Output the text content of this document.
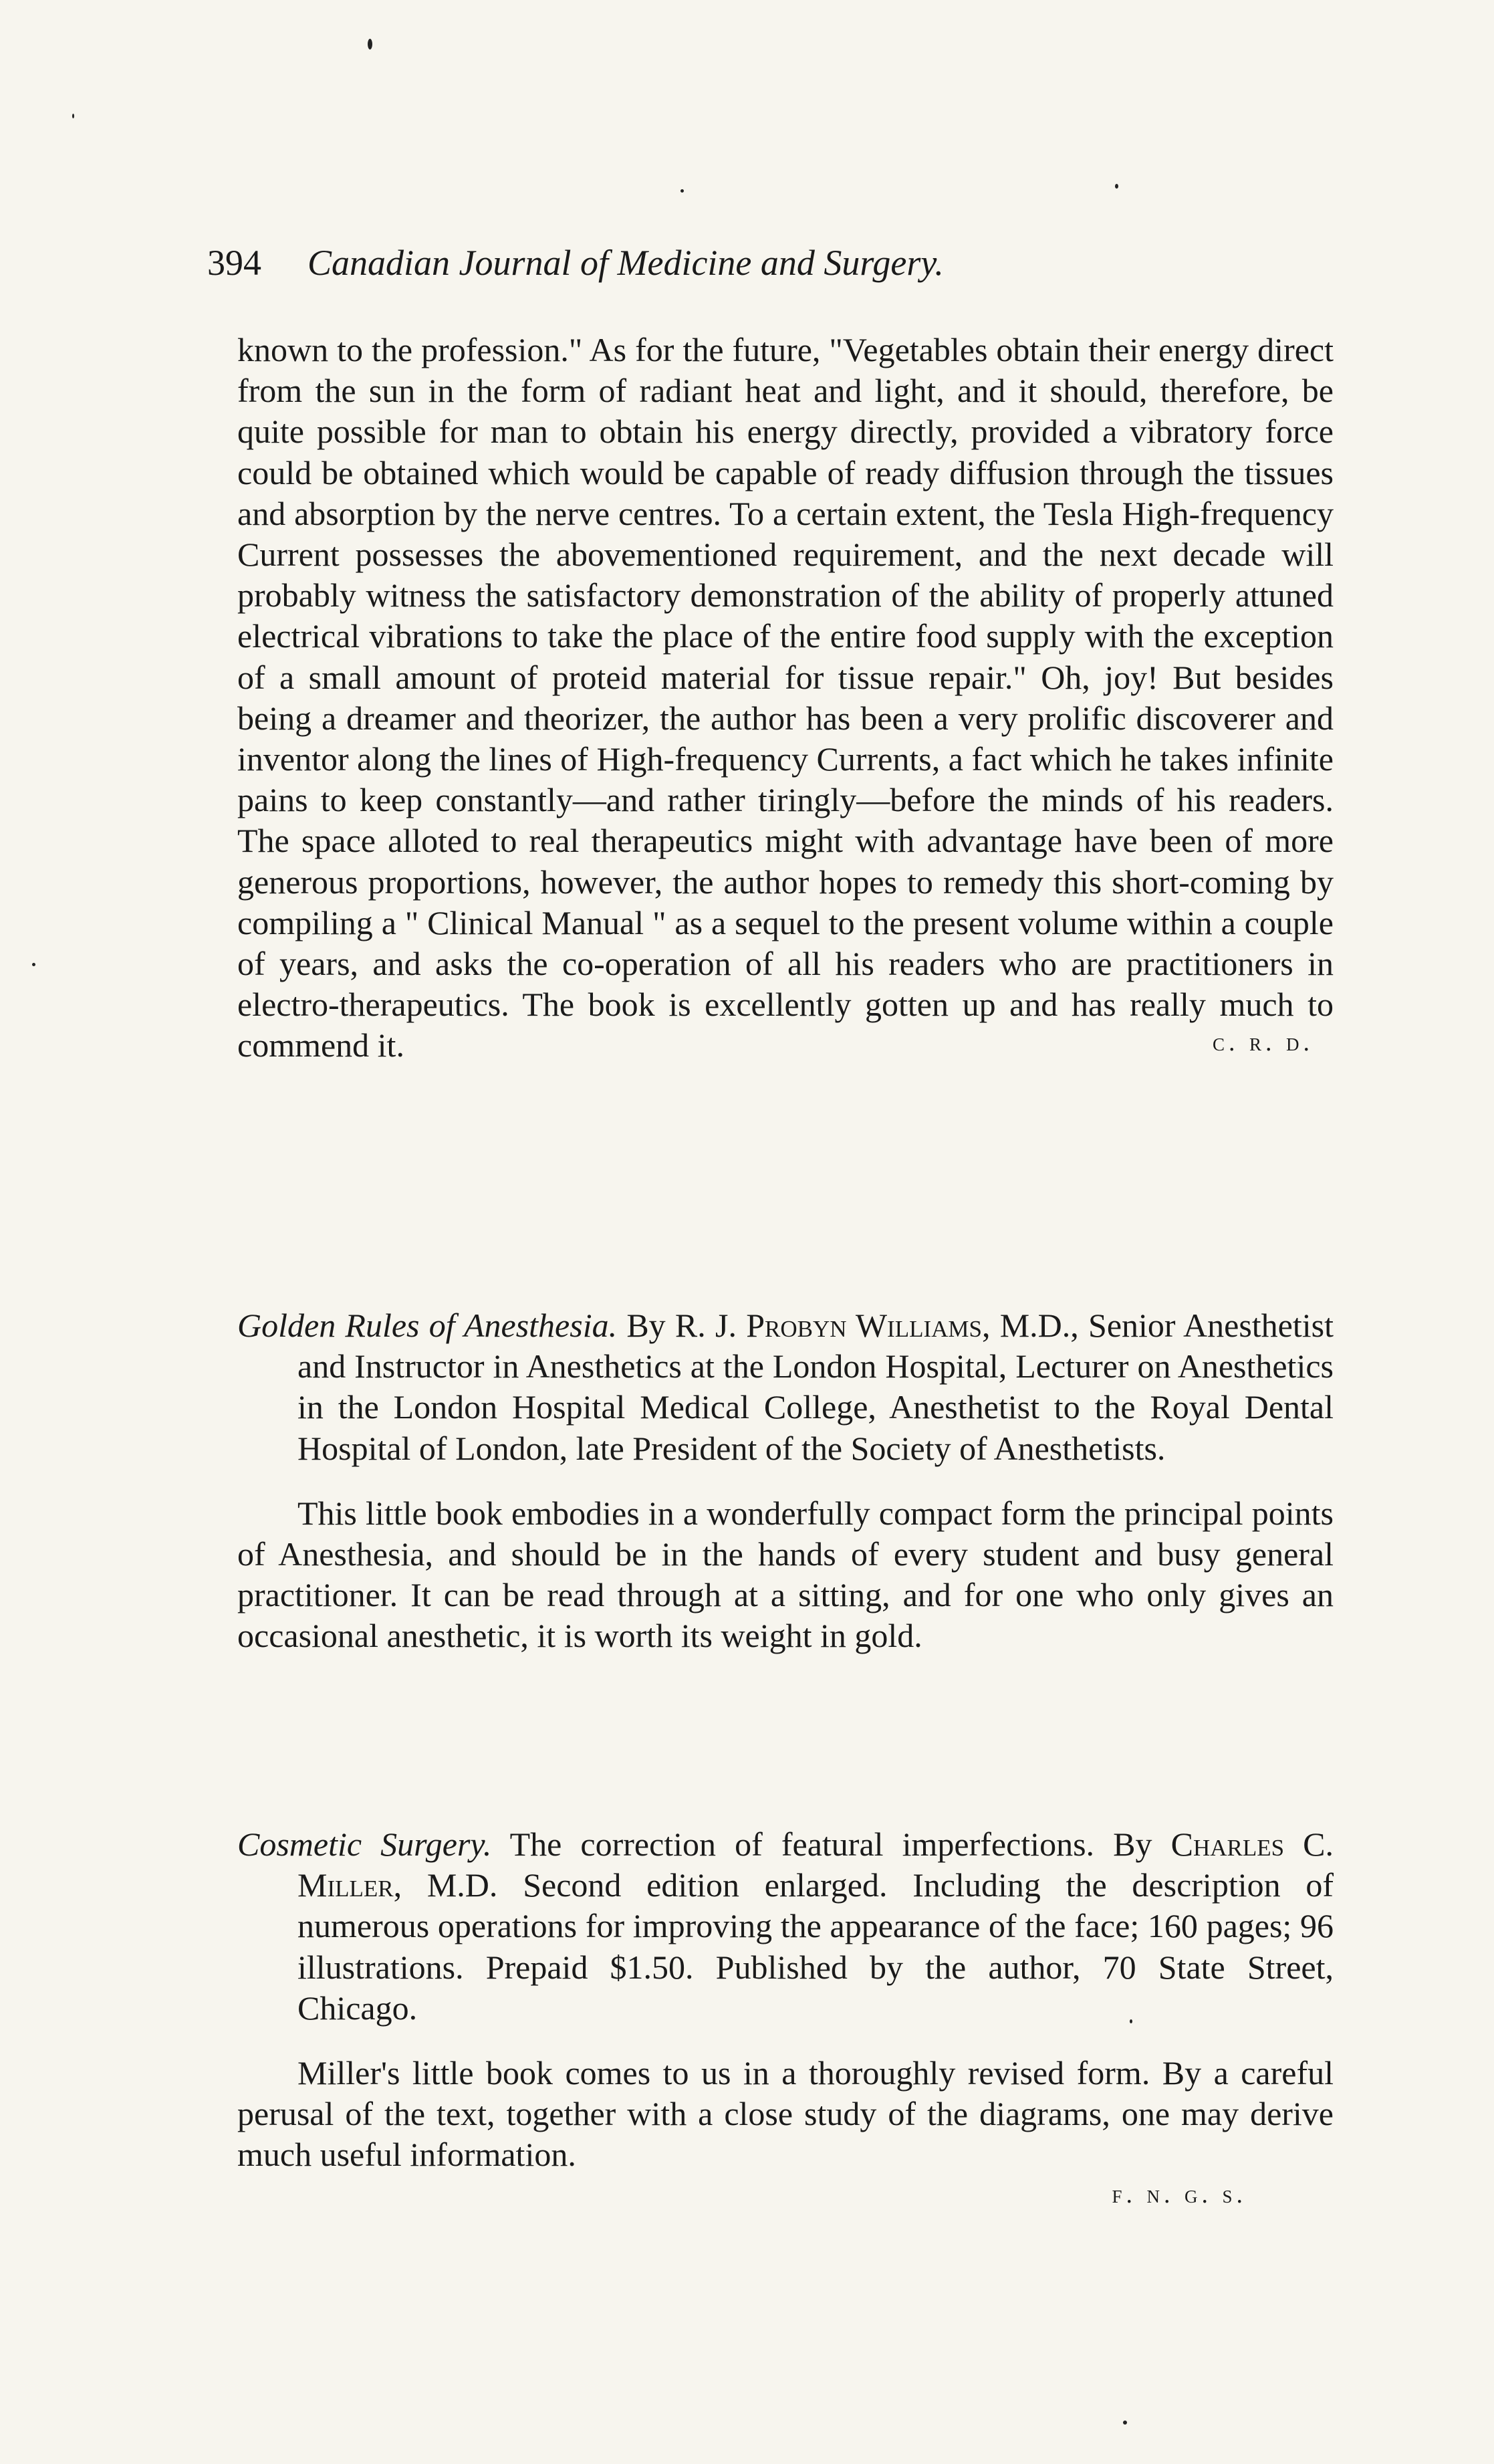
394 Canadian Journal of Medicine and Surgery.

known to the profession." As for the future, "Vegetables obtain their energy direct from the sun in the form of radiant heat and light, and it should, therefore, be quite possible for man to obtain his energy directly, provided a vibratory force could be obtained which would be capable of ready diffusion through the tissues and absorption by the nerve centres. To a certain extent, the Tesla High-frequency Current possesses the abovementioned requirement, and the next decade will probably witness the satisfactory demonstration of the ability of properly attuned electrical vibrations to take the place of the entire food supply with the exception of a small amount of proteid material for tissue repair." Oh, joy! But besides being a dreamer and theorizer, the author has been a very prolific discoverer and inventor along the lines of High-frequency Currents, a fact which he takes infinite pains to keep constantly—and rather tiringly—before the minds of his readers. The space alloted to real therapeutics might with advantage have been of more generous proportions, however, the author hopes to remedy this short-coming by compiling a " Clinical Manual " as a sequel to the present volume within a couple of years, and asks the co-operation of all his readers who are practitioners in electro-therapeutics. The book is excellently gotten up and has really much to commend it.	c. r. d.

Golden Rules of Anesthesia. By R. J. Probyn Williams, M.D., Senior Anesthetist and Instructor in Anesthetics at the London Hospital, Lecturer on Anesthetics in the London Hospital Medical College, Anesthetist to the Royal Dental Hospital of London, late President of the Society of Anesthetists.

This little book embodies in a wonderfully compact form the principal points of Anesthesia, and should be in the hands of every student and busy general practitioner. It can be read through at a sitting, and for one who only gives an occasional anesthetic, it is worth its weight in gold.

Cosmetic Surgery. The correction of featural imperfections. By Charles C. Miller, M.D. Second edition enlarged. Including the description of numerous operations for improving the appearance of the face; 160 pages; 96 illustrations. Prepaid $1.50. Published by the author, 70 State Street, Chicago.

Miller's little book comes to us in a thoroughly revised form. By a careful perusal of the text, together with a close study of the diagrams, one may derive much useful information.

f. n. g. s.
